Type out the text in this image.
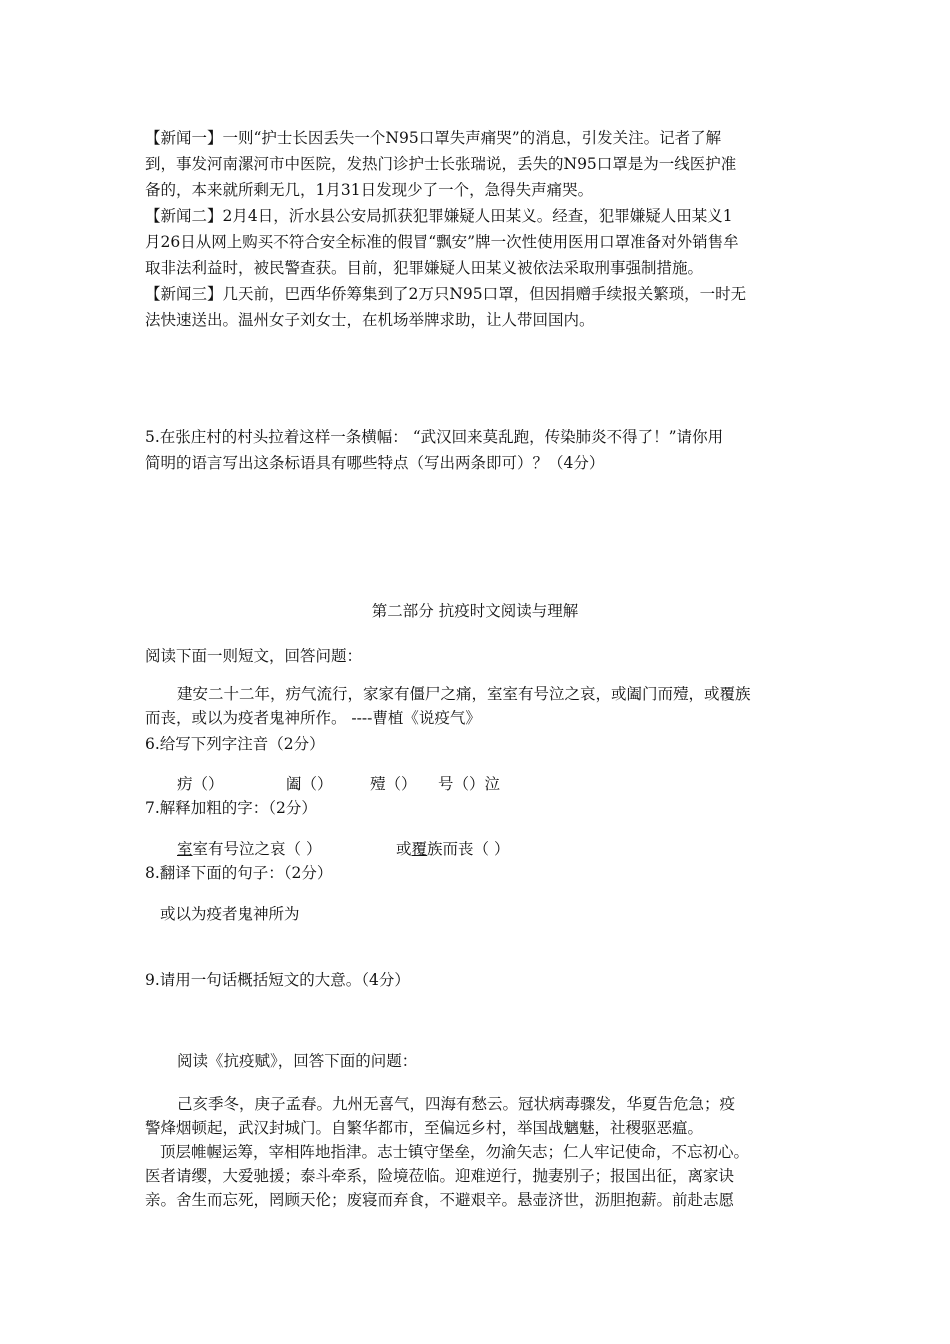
【新闻一】一则“护士长因丢失一个N95口罩失声痛哭”的消息，引发关注。记者了解
到，事发河南漯河市中医院，发热门诊护士长张瑞说，丢失的N95口罩是为一线医护准
备的，本来就所剩无几，1月31日发现少了一个，急得失声痛哭。
【新闻二】2月4日，沂水县公安局抓获犯罪嫌疑人田某义。经查，犯罪嫌疑人田某义1
月26日从网上购买不符合安全标准的假冒“飘安”牌一次性使用医用口罩准备对外销售牟
取非法利益时，被民警查获。目前，犯罪嫌疑人田某义被依法采取刑事强制措施。
【新闻三】几天前，巴西华侨筹集到了2万只N95口罩，但因捐赠手续报关繁琐，一时无
法快速送出。温州女子刘女士，在机场举牌求助，让人带回国内。
5.在张庄村的村头拉着这样一条横幅： “武汉回来莫乱跑，传染肺炎不得了！”请你用
简明的语言写出这条标语具有哪些特点（写出两条即可）？（4分）
第二部分 抗疫时文阅读与理解
阅读下面一则短文，回答问题：
建安二十二年，疠气流行，家家有僵尸之痛，室室有号泣之哀，或阖门而殪，或覆族
而丧，或以为疫者鬼神所作。 ----曹植《说疫气》
6.给写下列字注音（2分）
疠（）	阖（） 殪（） 号（）泣
7.解释加粗的字：（2分）
室室有号泣之哀（ ）	或覆族而丧（ ）
8.翻译下面的句子：（2分）
或以为疫者鬼神所为
9.请用一句话概括短文的大意。（4分）
阅读《抗疫赋》，回答下面的问题：
己亥季冬，庚子孟春。九州无喜气，四海有愁云。冠状病毒骤发，华夏告危急；疫
警烽烟顿起，武汉封城门。自繁华都市，至偏远乡村，举国战魑魅，社稷驱恶瘟。
顶层帷幄运筹，宰相阵地指津。志士镇守堡垒，勿渝矢志；仁人牢记使命，不忘初心。
医者请缨，大爱驰援；泰斗牵系，险境莅临。迎难逆行，抛妻别子；报国出征，离家诀
亲。舍生而忘死，罔顾天伦；废寝而弃食，不避艰辛。悬壶济世，沥胆抱薪。前赴志愿
